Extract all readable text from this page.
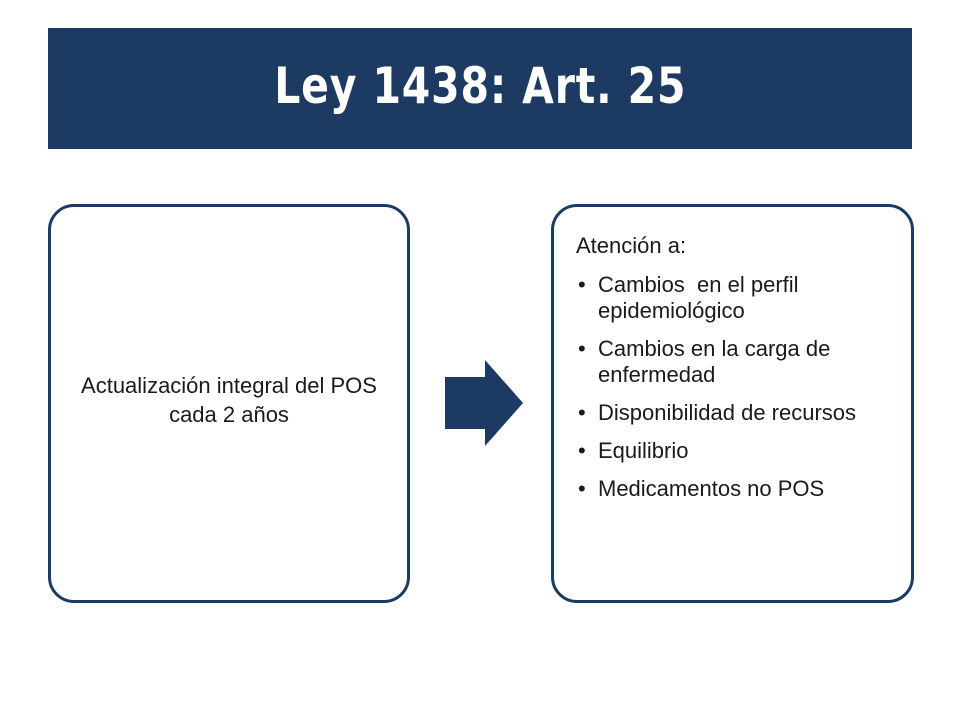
Ley 1438: Art. 25
Actualización integral del POS cada 2 años
Atención a:
• Cambios  en el perfil epidemiológico
• Cambios en la carga de enfermedad
• Disponibilidad de recursos
• Equilibrio
• Medicamentos no POS
